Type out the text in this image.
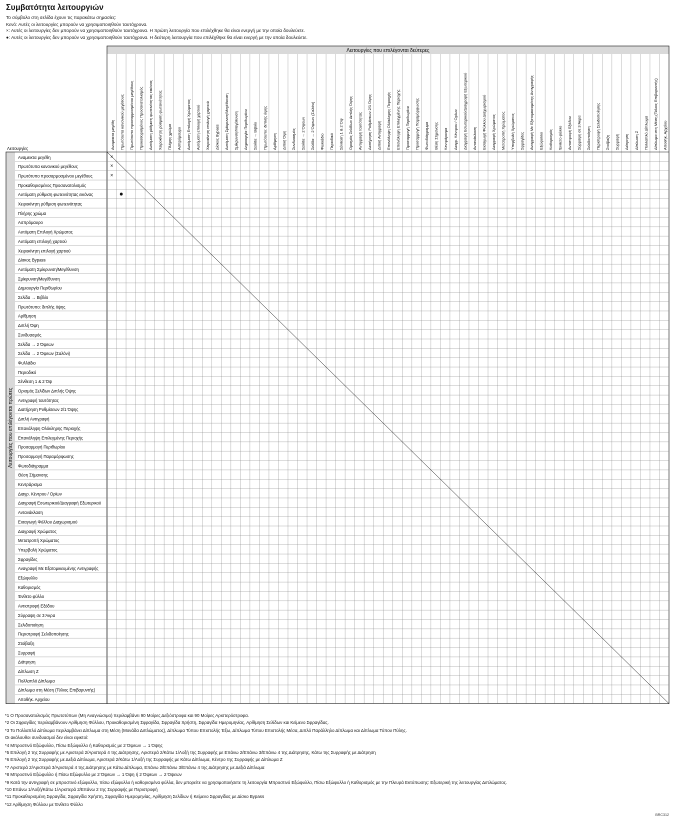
Συμβατότητα λειτουργιών
Το σύμβολο στη σελίδα έχουν τις παρακάτω σημασίες:
Κενό: Αυτές οι λειτουργίες μπορούν να χρησιμοποιηθούν ταυτόχρονα.
×: Αυτές οι λειτουργίες δεν μπορούν να χρησιμοποιηθούν ταυτόχρονα. Η πρώτη λειτουργία που επιλέχθηκε θα είναι ενεργή με την οποία δουλεύετε.
●: Αυτές οι λειτουργίες δεν μπορούν να χρησιμοποιηθούν ταυτόχρονα. Η δεύτερη λειτουργία που επιλέχθηκε θα είναι ενεργή με την οποία δουλεύετε.
Λειτουργίες που επιλέγονται δεύτερες
Λειτουργίες που επιλέγονται πρώτες
Λειτουργίες	Αναμεικτα μεγέθη Πρωτότυπα κανονικού μεγέθους Πρωτότυπο προσαρμοσμένου μεγέθους Προκαθορισμένος Προσανατολισμός Αυτόματη ρύθμιση φωτεινότητας εικόνας Χειροκίνητη ρύθμιση φωτεινότητας Πλήρης χρώμα Ασπρόμαυρο Αυτόματη Επιλογή Χρώματος Αυτόματη επιλογή χαρτιού Χειροκίνητη επιλογή χαρτιού Δίσκος Bypass Αυτόματη Σμίκρυνση/Μεγέθυνση Σμίκρυνση/Μεγέθυνση Δημιουργία Περιθωρίου Σελίδα → Βιβλίο Πρωτότυπο: διπλής όψης Αρίθμηση Διπλή Όψη Συνδυασμός Σελίδα → 2 Όψεων Σελίδα → 2 Όψεων (Σαλόνι) Φυλλάδιο Περιοδικό Σένθεση 1 & 2 Όψ Ορισμός Σελίδων Διπλής Όψης Αντιγραφή ταυτότητας Διατήρηση Ρυθμίσεων 2/1 Όψης Διπλή Αντιγραφή Επανάληψη Ολόκληρης Περιοχής Επανάληψη Επιλεγμένης Περιοχής Προσαρμογή Περιθωρίου Προσαρμογή Παραμόρφωσης Φωτοδιάγραμμα Θέση Σήμανσης Κεντράρισμα Διαγρ. Κέντρου / Ορίων Διαγραφή Εσωτερικού/Διαγραφή Εξωτερικού Αντανάκλαση Εισαγωγή Φύλλου Διαχωρισμού Διαγραφή Χρώματος Μετατροπή Χρώματος Υπερβολή Χρώματος Σφραγίδες Αναγραφή Με Εξατομικευμένης Αντιγραφής Εξώφυλλο Καθορισμός Ένθετο φύλλο Αντιστροφή Εξόδου Σύρραψη σε 3 Άκρα Σελιδοποίηση Περιστροφή Σελιδοποίησης Στοίβαξη Συρραφή Διάτρηση Δίπλωση Ζ Πολλαπλό Δίπλωμα Δίπλωμα στη Μέση (Τύλιος Επιβαρυντής) Αποθήκ. Αρχείου
Αναμεικτα μεγέθη
Πρωτότυπα κανονικού μεγέθους
Πρωτότυπο προσαρμοσμένου μεγέθους
Προκαθορισμένος Προσανατολισμός
Αυτόματη ρύθμιση φωτεινότητας εικόνας
Χειροκίνητη ρύθμιση φωτεινότητας
Πλήρης χρώμα
Ασπρόμαυρο
Αυτόματη Επιλογή Χρώματος
Αυτόματη επιλογή χαρτιού
Χειροκίνητη επιλογή χαρτιού
Δίσκος Bypass
Αυτόματη Σμίκρυνση/Μεγέθυνση
Σμίκρυνση/Μεγέθυνση
Δημιουργία Περιθωρίου
Σελίδα → Βιβλίο
Πρωτότυπο: διπλής όψης
Αρίθμηση
Διπλή Όψη
Συνδυασμός
Σελίδα → 2 Όψεων
Σελίδα → 2 Όψεων (Σαλόνι)
Φυλλάδιο
Περιοδικό
Σένθεση 1 & 2 Όψ
Ορισμός Σελίδων Διπλής Όψης
Αντιγραφή ταυτότητας
Διατήρηση Ρυθμίσεων 2/1 Όψης
Διπλή Αντιγραφή
Επανάληψη Ολόκληρης Περιοχής
Επανάληψη Επιλεγμένης Περιοχής
Προσαρμογή Περιθωρίου
Προσαρμογή Παραμόρφωσης
Φωτοδιάγραμμα
Θέση Σήμανσης
Κεντράρισμα
Διαγρ. Κέντρου / Ορίων
Διαγραφή Εσωτερικού/Διαγραφή Εξωτερικού
Αντανάκλαση
Εισαγωγή Φύλλου Διαχωρισμού
Διαγραφή Χρώματος
Μετατροπή Χρώματος
Υπερβολή Χρώματος
Σφραγίδες
Αναγραφή Με Εξατομικευμένης Αντιγραφής
Εξώφυλλο
Καθορισμός
Ένθετο φύλλο
Αντιστροφή Εξόδου
Σύρραψη σε 3 Άκρα
Σελιδοποίηση
Περιστροφή Σελιδοποίησης
Στοίβαξη
Συρραφή
Διάτρηση
Δίπλωση Ζ
Πολλαπλό Δίπλωμα
Δίπλωμα στη Μέση (Τύλιος Επιβαρυντής)
Αποθήκ. Αρχείου
×
×
×
*1 Ο Προσανατολισμός Πρωτοτύπων (Μη Αναγνώσιμο) περιλαμβάνει 90 Μοίρες Δεξιόστροφα και 90 Μοίρες Αριστερόστροφα.
*2 Οι Σφραγίδες περιλαμβάνουν Αρίθμηση Φύλλου, Προκαθορισμένη Σφραγίδα, Σφραγίδα Χρήστη, Σφραγίδα Ημερομηνίας, Αρίθμηση Σελίδων και Κείμενο Σφραγίδας.
*3 Το Πολλαπλό Δίπλωμα περιλαμβάνει Δίπλωμα στη Μέση (Μονάδα Διπλώματος), Δίπλωμα Τύπου Επιστολής Έξω, Δίπλωμα Τύπου Επιστολής Μέσα, Διπλό Παράλληλο Δίπλωμα και Δίπλωμα Τύπου Πύλης.
Οι ακόλουθοι συνδυασμοί δεν είναι εφικτοί:
*4 Μπροστινό Εξώφυλλο, Πίσω Εξώφυλλο ή Καθορισμός με 2 Όψεων → 1 Όψης
*5 Επιλογή 2 της Συρραφής με Αριστερά 2/Αριστερά 4 της Διάτρησης, Αριστερά 2/Κάτω 1/Λοξή της Συρραφής με Επάνω 2/Επάνω 3/Επάνω 4 της Διάτρησης, Κάτω της Συρραφής με Διάτρηση
*6 Επιλογή 2 της Συρραφής με Δεξιά Δίπλωμα, Αριστερά 2/Κάτω 1/Λοξή της Συρραφής με Κάτω Δίπλωμα, Κέντρο της Συρραφής με Δίπλωμα Z
*7 Αριστερά 2/Αριστερά 3/Αριστερά 4 της Διάτρησης με Κάτω Δίπλωμα, Επάνω 2/Επάνω 3/Επάνω 4 της Διάτρησης με Δεξιά Δίπλωμα
*8 Μπροστινό Εξώφυλλο ή Πίσω Εξώφυλλο με 2 Όψεων → 1 Όψη ή 2 Όψεων → 2 Όψεων
*9 Κατά την αντιγραφή σε μπροστινό εξώφυλλο, πίσω εξώφυλλο ή καθορισμένα φύλλα, δεν μπορείτε να χρησιμοποιήσετε τη λειτουργία Μπροστινό Εξώφυλλο, Πίσω Εξώφυλλο ή Καθορισμός με την Πλευρά Εκτύπωσης: Εξωτερική της λειτουργίας Διπλώματος.
*10 Επάνω 1/Λοξή/Κάτω 1/Αριστερά 2/Επάνω 2 της Συρραφής με Περιστροφή
*11 Προκαθορισμένη Σφραγίδα, Σφραγίδα Χρήστη, Σφραγίδα Ημερομηνίας, Αρίθμηση Σελίδων ή Κείμενο Σφραγίδας με Δίσκο Bypass
*12 Αρίθμηση Φύλλου με Ένθετο Φύλλο
BRC312
